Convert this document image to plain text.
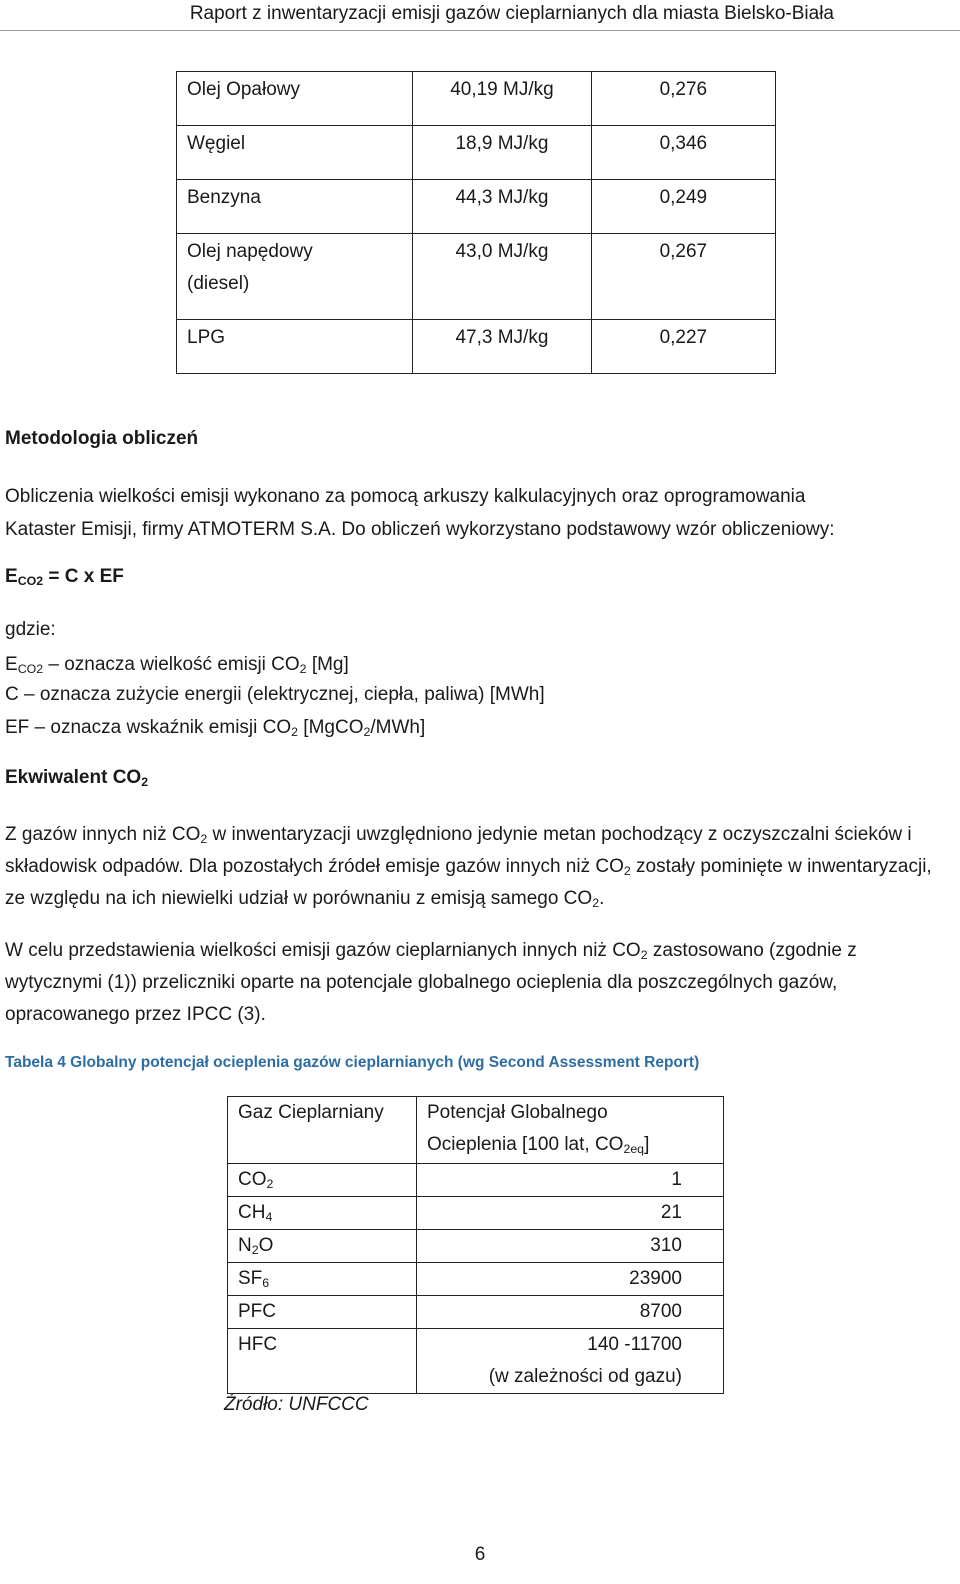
Raport z inwentaryzacji emisji gazów cieplarnianych dla miasta Bielsko-Biała
Olej Opałowy	40,19 MJ/kg	0,276
Węgiel	18,9 MJ/kg	0,346
Benzyna	44,3 MJ/kg	0,249

Olej napędowy
(diesel)	43,0 MJ/kg	0,267
LPG	47,3 MJ/kg	0,227
Metodologia obliczeń
Obliczenia wielkości emisji wykonano za pomocą arkuszy kalkulacyjnych oraz oprogramowania
Kataster Emisji, firmy ATMOTERM S.A. Do obliczeń wykorzystano podstawowy wzór obliczeniowy:
$E_{CO2} = C$ x EF
gdzie:
$E_{CO2}$ – oznacza wielkość emisji $CO_2$ [Mg]
C – oznacza zużycie energii (elektrycznej, ciepła, paliwa) [MWh]
EF – oznacza wskaźnik emisji $CO_2$ [MgCO$_2$/MWh]
Ekwiwalent $CO_2$
Z gazów innych niż $CO_2$ w inwentaryzacji uwzględniono jedynie metan pochodzący z oczyszczalni ścieków i składowisk odpadów. Dla pozostałych źródeł emisje gazów innych niż $CO_2$ zostały pominięte w inwentaryzacji, ze względu na ich niewielki udział w porównaniu z emisją samego $CO_2$.
W celu przedstawienia wielkości emisji gazów cieplarnianych innych niż $CO_2$ zastosowano (zgodnie z wytycznymi (1)) przeliczniki oparte na potencjale globalnego ocieplenia dla poszczególnych gazów, opracowanego przez IPCC (3).
Tabela 4 Globalny potencjał ocieplenia gazów cieplarnianych (wg Second Assessment Report)
Gaz Cieplarniany	Potencjał Globalnego
Ocieplenia [100 lat, $CO_{2eq}$]

$CO_2$	1
$CH_4$	21
$N_2O$	310
$SF_6$	23900
PFC	8700
HFC	140 -11700
(w zależności od gazu)
Źródło: UNFCCC
6
